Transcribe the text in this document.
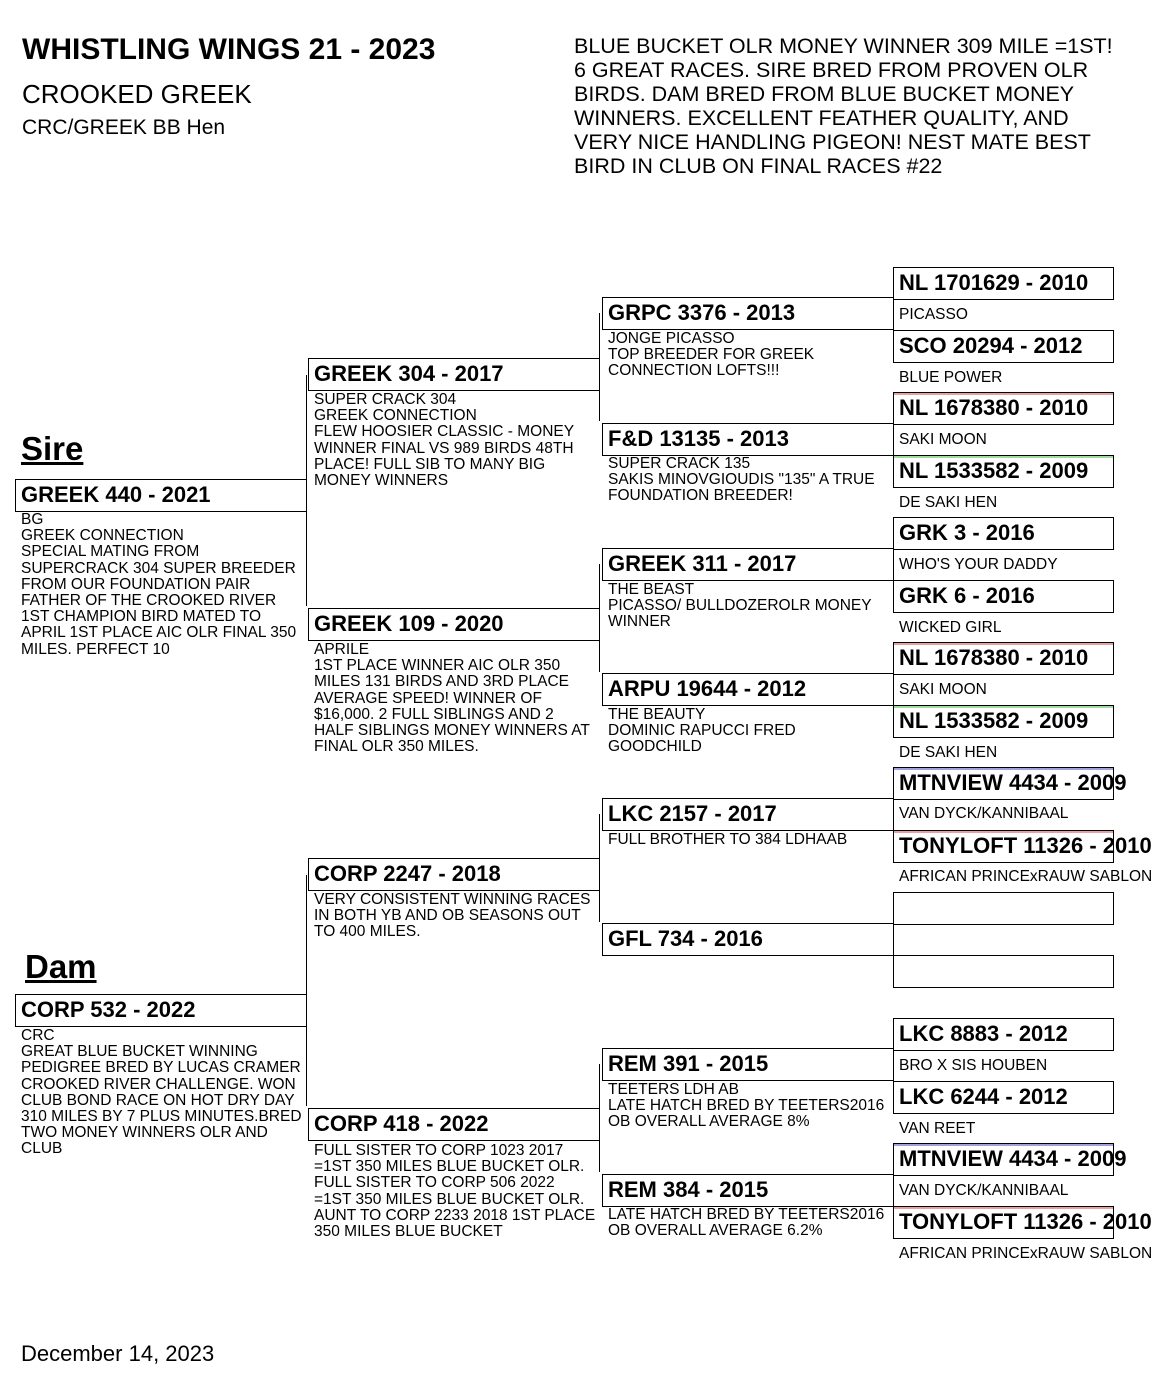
WHISTLING WINGS 21 - 2023
CROOKED GREEK
CRC/GREEK BB Hen
BLUE BUCKET OLR MONEY WINNER 309 MILE =1ST! 6 GREAT RACES. SIRE BRED FROM PROVEN OLR BIRDS. DAM BRED FROM BLUE BUCKET MONEY WINNERS. EXCELLENT FEATHER QUALITY, AND VERY NICE HANDLING PIGEON! NEST MATE BEST BIRD IN CLUB ON FINAL RACES #22
Sire
Dam
GREEK 440 - 2021
BG
GREEK CONNECTION
SPECIAL MATING FROM SUPERCRACK 304 SUPER BREEDER FROM OUR FOUNDATION PAIR FATHER OF THE CROOKED RIVER 1ST CHAMPION BIRD MATED TO APRIL 1ST PLACE AIC OLR FINAL 350 MILES. PERFECT 10
CORP 532 - 2022
CRC
GREAT BLUE BUCKET WINNING PEDIGREE BRED BY LUCAS CRAMER CROOKED RIVER CHALLENGE. WON CLUB BOND RACE ON HOT DRY DAY 310 MILES BY 7 PLUS MINUTES.BRED TWO MONEY WINNERS OLR AND CLUB
GREEK 304 - 2017
SUPER CRACK 304
GREEK CONNECTION
FLEW HOOSIER CLASSIC - MONEY WINNER FINAL VS 989 BIRDS 48TH PLACE! FULL SIB TO MANY BIG MONEY WINNERS
GREEK 109 - 2020
APRILE
1ST PLACE WINNER AIC OLR 350 MILES 131 BIRDS AND 3RD PLACE AVERAGE SPEED! WINNER OF $16,000. 2 FULL SIBLINGS AND 2 HALF SIBLINGS MONEY WINNERS AT FINAL OLR 350 MILES.
CORP 2247 - 2018
VERY CONSISTENT WINNING RACES IN BOTH YB AND OB SEASONS OUT TO 400 MILES.
CORP 418 - 2022
FULL SISTER TO CORP 1023 2017 =1ST 350 MILES BLUE BUCKET OLR. FULL SISTER TO CORP 506 2022 =1ST 350 MILES BLUE BUCKET OLR. AUNT TO CORP 2233 2018 1ST PLACE 350 MILES BLUE BUCKET
GRPC 3376 - 2013
JONGE PICASSO
TOP BREEDER FOR GREEK CONNECTION LOFTS!!!
F&D 13135 - 2013
SUPER CRACK 135
SAKIS MINOVGIOUDIS "135" A TRUE FOUNDATION BREEDER!
GREEK 311 - 2017
THE BEAST
PICASSO/ BULLDOZEROLR MONEY WINNER
ARPU 19644 - 2012
THE BEAUTY
DOMINIC RAPUCCI FRED GOODCHILD
LKC 2157 - 2017
FULL BROTHER TO 384 LDHAAB
GFL 734 - 2016
REM 391 - 2015
TEETERS LDH AB
LATE HATCH BRED BY TEETERS2016 OB OVERALL AVERAGE 8%
REM 384 - 2015
LATE HATCH BRED BY TEETERS2016 OB OVERALL AVERAGE 6.2%
NL 1701629 - 2010
PICASSO
SCO 20294 - 2012
BLUE POWER
NL 1678380 - 2010
SAKI MOON
NL 1533582 - 2009
DE SAKI HEN
GRK 3 - 2016
WHO'S YOUR DADDY
GRK 6 - 2016
WICKED GIRL
NL 1678380 - 2010
SAKI MOON
NL 1533582 - 2009
DE SAKI HEN
MTNVIEW 4434 - 2009
VAN DYCK/KANNIBAAL
TONYLOFT 11326 - 2010
AFRICAN PRINCExRAUW SABLON
LKC 8883 - 2012
BRO X SIS HOUBEN
LKC 6244 - 2012
VAN REET
MTNVIEW 4434 - 2009
VAN DYCK/KANNIBAAL
TONYLOFT 11326 - 2010
AFRICAN PRINCExRAUW SABLON
December 14, 2023
